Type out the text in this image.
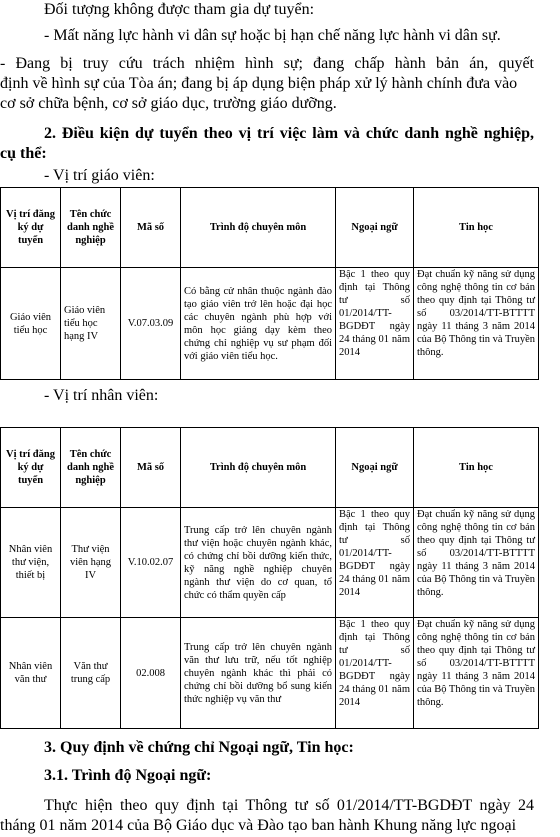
Đối tượng không được tham gia dự tuyển:
- Mất năng lực hành vi dân sự hoặc bị hạn chế năng lực hành vi dân sự.
- Đang bị truy cứu trách nhiệm hình sự; đang chấp hành bản án, quyết
định về hình sự của Tòa án; đang bị áp dụng biện pháp xử lý hành chính đưa vào
cơ sở chữa bệnh, cơ sở giáo dục, trường giáo dưỡng.
2. Điều kiện dự tuyển theo vị trí việc làm và chức danh nghề nghiệp,
cụ thể:
- Vị trí giáo viên:
Vị trí đăng ký dự tuyển	Tên chức danh nghề nghiệp	Mã số	Trình độ chuyên môn	Ngoại ngữ	Tin học
Giáo viên tiểu học	Giáo viên tiểu học hạng IV	V.07.03.09	Có bằng cử nhân thuộc ngành đào tạo giáo viên trở lên hoặc đại học các chuyên ngành phù hợp với môn học giảng dạy kèm theo chứng chỉ nghiệp vụ sư phạm đối với giáo viên tiểu học.	Bậc 1 theo quy định tại Thông tư số 01/2014/TT-BGDĐT ngày 24 tháng 01 năm 2014	Đạt chuẩn kỹ năng sử dụng công nghệ thông tin cơ bản theo quy định tại Thông tư số 03/2014/TT-BTTTT ngày 11 tháng 3 năm 2014 của Bộ Thông tin và Truyền thông.
- Vị trí nhân viên:
Vị trí đăng ký dự tuyển	Tên chức danh nghề nghiệp	Mã số	Trình độ chuyên môn	Ngoại ngữ	Tin học
Nhân viên thư viện, thiết bị	Thư viện viên hạng IV	V.10.02.07	Trung cấp trở lên chuyên ngành thư viện hoặc chuyên ngành khác, có chứng chỉ bồi dưỡng kiến thức, kỹ năng nghề nghiệp chuyên ngành thư viện do cơ quan, tổ chức có thẩm quyền cấp	Bậc 1 theo quy định tại Thông tư số 01/2014/TT-BGDĐT ngày 24 tháng 01 năm 2014	Đạt chuẩn kỹ năng sử dụng công nghệ thông tin cơ bản theo quy định tại Thông tư số 03/2014/TT-BTTTT ngày 11 tháng 3 năm 2014 của Bộ Thông tin và Truyền thông.
Nhân viên văn thư	Văn thư trung cấp	02.008	Trung cấp trở lên chuyên ngành văn thư lưu trữ, nếu tốt nghiệp chuyên ngành khác thì phải có chứng chỉ bồi dưỡng bổ sung kiến thức nghiệp vụ văn thư	Bậc 1 theo quy định tại Thông tư số 01/2014/TT-BGDĐT ngày 24 tháng 01 năm 2014	Đạt chuẩn kỹ năng sử dụng công nghệ thông tin cơ bản theo quy định tại Thông tư số 03/2014/TT-BTTTT ngày 11 tháng 3 năm 2014 của Bộ Thông tin và Truyền thông.
3. Quy định về chứng chỉ Ngoại ngữ, Tin học:
3.1. Trình độ Ngoại ngữ:
Thực hiện theo quy định tại Thông tư số 01/2014/TT-BGDĐT ngày 24
tháng 01 năm 2014 của Bộ Giáo dục và Đào tạo ban hành Khung năng lực ngoại
